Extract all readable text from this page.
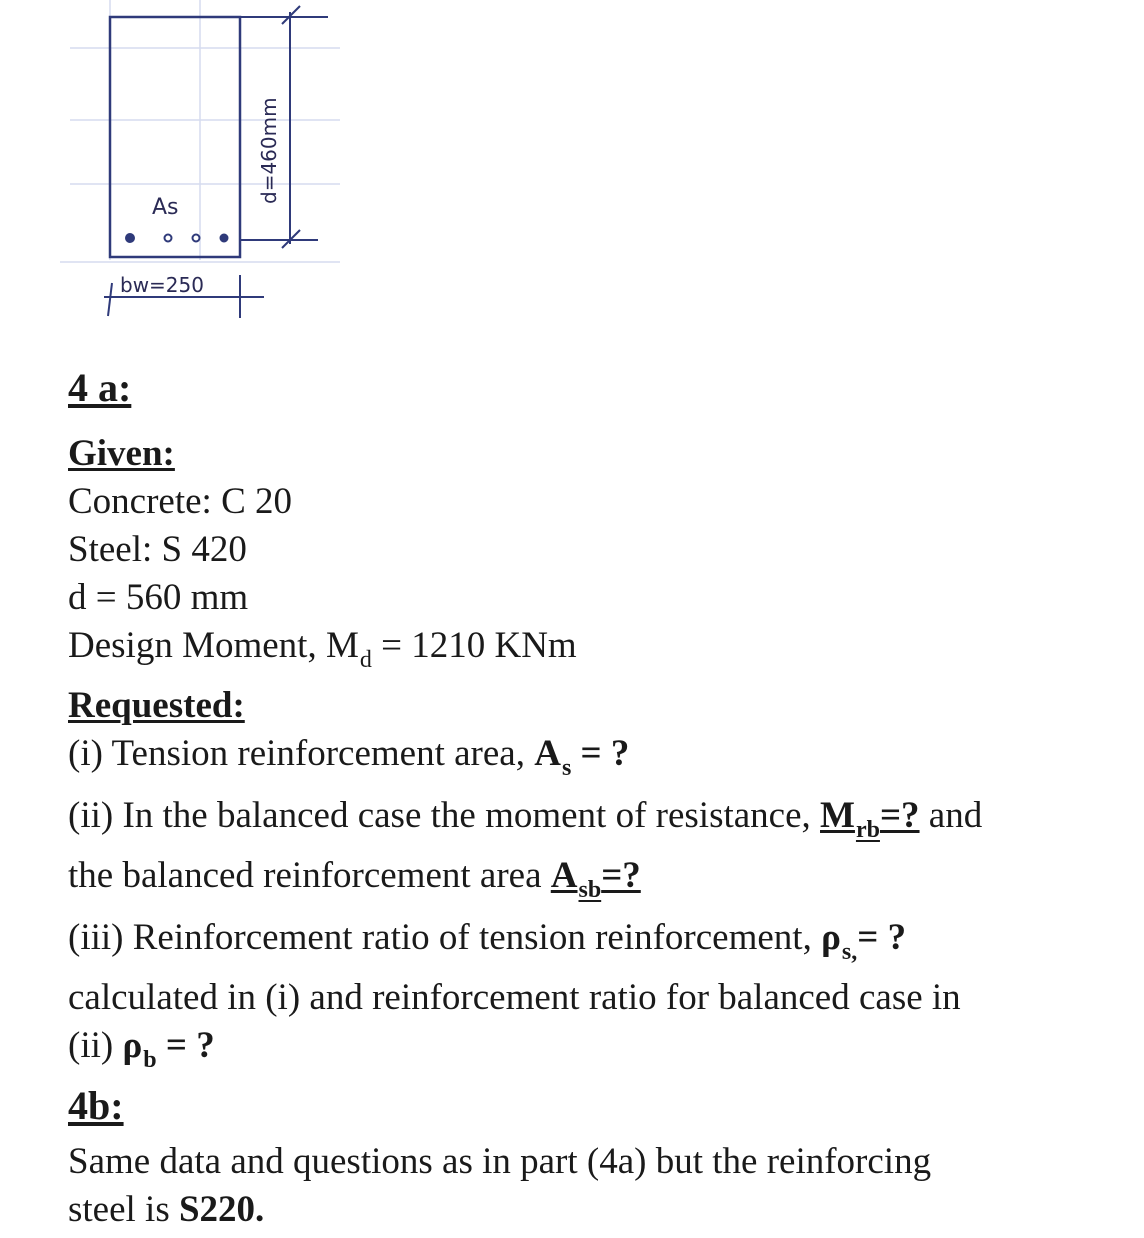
As
d=460mm
bw=250
4 a:
Given:
Concrete: C 20
Steel: S 420
d = 560 mm
Design Moment, $M_d = 1210$ KNm
Requested:
(i) Tension reinforcement area, $A_s$ = ?
(ii) In the balanced case the moment of resistance, $M_{rb}=$? and
the balanced reinforcement area $A_{sb}=$?
(iii) Reinforcement ratio of tension reinforcement, $\rho_{s,}=$ ?
calculated in (i) and reinforcement ratio for balanced case in
(ii) $\rho_b$ = ?
4b:
Same data and questions as in part (4a) but the reinforcing
steel is S220.
